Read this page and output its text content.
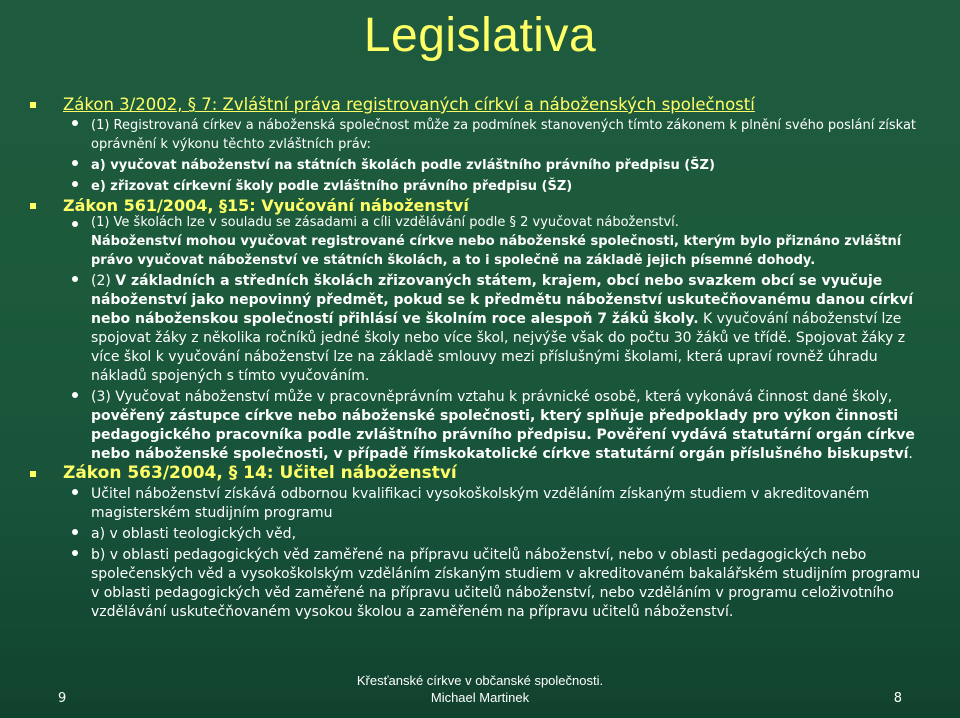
Legislativa
Zákon 3/2002, § 7: Zvláštní práva registrovaných církví a náboženských společností
(1) Registrovaná církev a náboženská společnost může za podmínek stanovených tímto zákonem k plnění svého poslání získat oprávnění k výkonu těchto zvláštních práv:
a) vyučovat náboženství na státních školách podle zvláštního právního předpisu (ŠZ)
e) zřizovat církevní školy podle zvláštního právního předpisu (ŠZ)
Zákon 561/2004, §15: Vyučování náboženství
(1) Ve školách lze v souladu se zásadami a cíli vzdělávání podle § 2 vyučovat náboženství.
Náboženství mohou vyučovat registrované církve nebo náboženské společnosti, kterým bylo přiznáno zvláštní právo vyučovat náboženství ve státních školách, a to i společně na základě jejich písemné dohody.
(2) V základních a středních školách zřizovaných státem, krajem, obcí nebo svazkem obcí se vyučuje náboženství jako nepovinný předmět, pokud se k předmětu náboženství uskutečňovanému danou církví nebo náboženskou společností přihlásí ve školním roce alespoň 7 žáků školy. K vyučování náboženství lze spojovat žáky z několika ročníků jedné školy nebo více škol, nejvýše však do počtu 30 žáků ve třídě. Spojovat žáky z více škol k vyučování náboženství lze na základě smlouvy mezi příslušnými školami, která upraví rovněž úhradu nákladů spojených s tímto vyučováním.
(3) Vyučovat náboženství může v pracovněprávním vztahu k právnické osobě, která vykonává činnost dané školy, pověřený zástupce církve nebo náboženské společnosti, který splňuje předpoklady pro výkon činnosti pedagogického pracovníka podle zvláštního právního předpisu. Pověření vydává statutární orgán církve nebo náboženské společnosti, v případě římskokatolické církve statutární orgán příslušného biskupství.
Zákon 563/2004, § 14: Učitel náboženství
Učitel náboženství získává odbornou kvalifikaci vysokoškolským vzděláním získaným studiem v akreditovaném magisterském studijním programu
a) v oblasti teologických věd,
b) v oblasti pedagogických věd zaměřené na přípravu učitelů náboženství, nebo v oblasti pedagogických nebo společenských věd a vysokoškolským vzděláním získaným studiem v akreditovaném bakalářském studijním programu v oblasti pedagogických věd zaměřené na přípravu učitelů náboženství, nebo vzděláním v programu celoživotního vzdělávání uskutečňovaném vysokou školou a zaměřeném na přípravu učitelů náboženství.
9
Křesťanské církve v občanské společnosti.
Michael Martinek	8
